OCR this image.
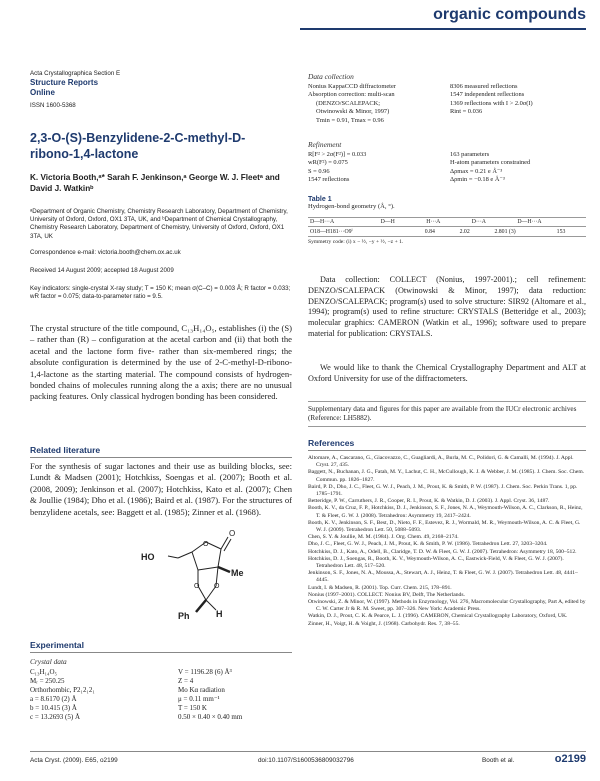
organic compounds
Acta Crystallographica Section E
Structure Reports
Online
ISSN 1600-5368
2,3-O-(S)-Benzylidene-2-C-methyl-D-ribono-1,4-lactone
K. Victoria Booth,ᵃ* Sarah F. Jenkinson,ᵃ George W. J. Fleetᵃ and David J. Watkinᵇ
ᵃDepartment of Organic Chemistry, Chemistry Research Laboratory, Department of Chemistry, University of Oxford, Oxford, OX1 3TA, UK, and ᵇDepartment of Chemical Crystallography, Chemistry Research Laboratory, Department of Chemistry, University of Oxford, Oxford, OX1 3TA, UK
Correspondence e-mail: victoria.booth@chem.ox.ac.uk
Received 14 August 2009; accepted 18 August 2009
Key indicators: single-crystal X-ray study; T = 150 K; mean σ(C–C) = 0.003 Å; R factor = 0.033; wR factor = 0.075; data-to-parameter ratio = 9.5.
The crystal structure of the title compound, C₁₃H₁₄O₅, establishes (i) the (S) – rather than (R) – configuration at the acetal carbon and (ii) that both the acetal and the lactone form five- rather than six-membered rings; the absolute configuration is determined by the use of 2-C-methyl-D-ribono-1,4-lactone as the starting material. The compound consists of hydrogen-bonded chains of molecules running along the a axis; there are no unusual packing features. Only classical hydrogen bonding has been considered.
Related literature
For the synthesis of sugar lactones and their use as building blocks, see: Lundt & Madsen (2001); Hotchkiss, Soengas et al. (2007); Booth et al. (2008, 2009); Jenkinson et al. (2007); Hotchkiss, Kato et al. (2007); Chen & Joullie (1984); Dho et al. (1986); Baird et al. (1987). For the structures of benzylidene acetals, see: Baggett et al. (1985); Zinner et al. (1968).
HO
O
O
Me
O O
Ph	H
Experimental
Crystal data
C₁₃H₁₄O₅
Mᵣ = 250.25
Orthorhombic, P2₁2₁2₁
a = 8.6170 (2) Å
b = 10.415 (3) Å
c = 13.2693 (5) Å
V = 1196.28 (6) Å³
Z = 4
Mo Kα radiation
μ = 0.11 mm⁻¹
T = 150 K
0.50 × 0.40 × 0.40 mm
Data collection
Nonius KappaCCD diffractometer
Absorption correction: multi-scan
(DENZO/SCALEPACK;
Otwinowski & Minor, 1997)
Tmin = 0.91, Tmax = 0.96
8306 measured reflections
1547 independent reflections
1369 reflections with I > 2.0σ(I)
Rint = 0.036
Refinement
R[F² > 2σ(F²)] = 0.033
wR(F²) = 0.075
S = 0.96
1547 reflections
163 parameters
H-atom parameters constrained
Δρmax = 0.21 e Å⁻³
Δρmin = −0.18 e Å⁻³
Table 1
Hydrogen-bond geometry (Å, °).
D—H···A	D—H	H···A	D···A	D—H···A
O18—H181···O9ⁱ	0.84	2.02	2.801 (3)	153
Symmetry code: (i) x − ½, −y + ½, −z + 1.
Data collection: COLLECT (Nonius, 1997-2001).; cell refinement: DENZO/SCALEPACK (Otwinowski & Minor, 1997); data reduction: DENZO/SCALEPACK; program(s) used to solve structure: SIR92 (Altomare et al., 1994); program(s) used to refine structure: CRYSTALS (Betteridge et al., 2003); molecular graphics: CAMERON (Watkin et al., 1996); software used to prepare material for publication: CRYSTALS.
We would like to thank the Chemical Crystallography Department and ALT at Oxford University for use of the diffractometers.
Supplementary data and figures for this paper are available from the IUCr electronic archives (Reference: LH5882).
References
Altomare, A., Cascarano, G., Giacovazzo, C., Guagliardi, A., Burla, M. C., Polidori, G. & Camalli, M. (1994). J. Appl. Cryst. 27, 435.
Baggett, N., Buchanan, J. G., Fatah, M. Y., Lachut, C. H., McCullough, K. J. & Webber, J. M. (1985). J. Chem. Soc. Chem. Commun. pp. 1826–1827.
Baird, P. D., Dho, J. C., Fleet, G. W. J., Peach, J. M., Prout, K. & Smith, P. W. (1987). J. Chem. Soc. Perkin Trans. 1, pp. 1785–1791.
Betteridge, P. W., Carruthers, J. R., Cooper, R. I., Prout, K. & Watkin, D. J. (2003). J. Appl. Cryst. 36, 1487.
Booth, K. V., da Cruz, F. P., Hotchkiss, D. J., Jenkinson, S. F., Jones, N. A., Weymouth-Wilson, A. C., Clarkson, R., Heinz, T. & Fleet, G. W. J. (2008). Tetrahedron: Asymmetry 19, 2417–2424.
Booth, K. V., Jenkinson, S. F., Best, D., Nieto, F. F., Estevez, R. J., Wormald, M. R., Weymouth-Wilson, A. C. & Fleet, G. W. J. (2009). Tetrahedron Lett. 50, 5088–5093.
Chen, S. Y. & Joullie, M. M. (1984). J. Org. Chem. 49, 2168–2174.
Dho, J. C., Fleet, G. W. J., Peach, J. M., Prout, K. & Smith, P. W. (1986). Tetrahedron Lett. 27, 3203–3204.
Hotchkiss, D. J., Kato, A., Odell, B., Claridge, T. D. W. & Fleet, G. W. J. (2007). Tetrahedron: Asymmetry 18, 500–512.
Hotchkiss, D. J., Soengas, R., Booth, K. V., Weymouth-Wilson, A. C., Eastwick-Field, V. & Fleet, G. W. J. (2007). Tetrahedron Lett. 48, 517–520.
Jenkinson, S. F., Jones, N. A., Moussa, A., Stewart, A. J., Heinz, T. & Fleet, G. W. J. (2007). Tetrahedron Lett. 48, 4441–4445.
Lundt, I. & Madsen, R. (2001). Top. Curr. Chem. 215, 178–891.
Nonius (1997–2001). COLLECT. Nonius BV, Delft, The Netherlands.
Otwinowski, Z. & Minor, W. (1997). Methods in Enzymology, Vol. 276, Macromolecular Crystallography, Part A, edited by C. W. Carter Jr & R. M. Sweet, pp. 307–326. New York: Academic Press.
Watkin, D. J., Prout, C. K. & Pearce, L. J. (1996). CAMERON, Chemical Crystallography Laboratory, Oxford, UK.
Zinner, H., Voigt, H. & Voight, J. (1968). Carbohydr. Res. 7, 38–55.
Acta Cryst. (2009). E65, o2199	doi:10.1107/S1600536809032796	Booth et al.	o2199
